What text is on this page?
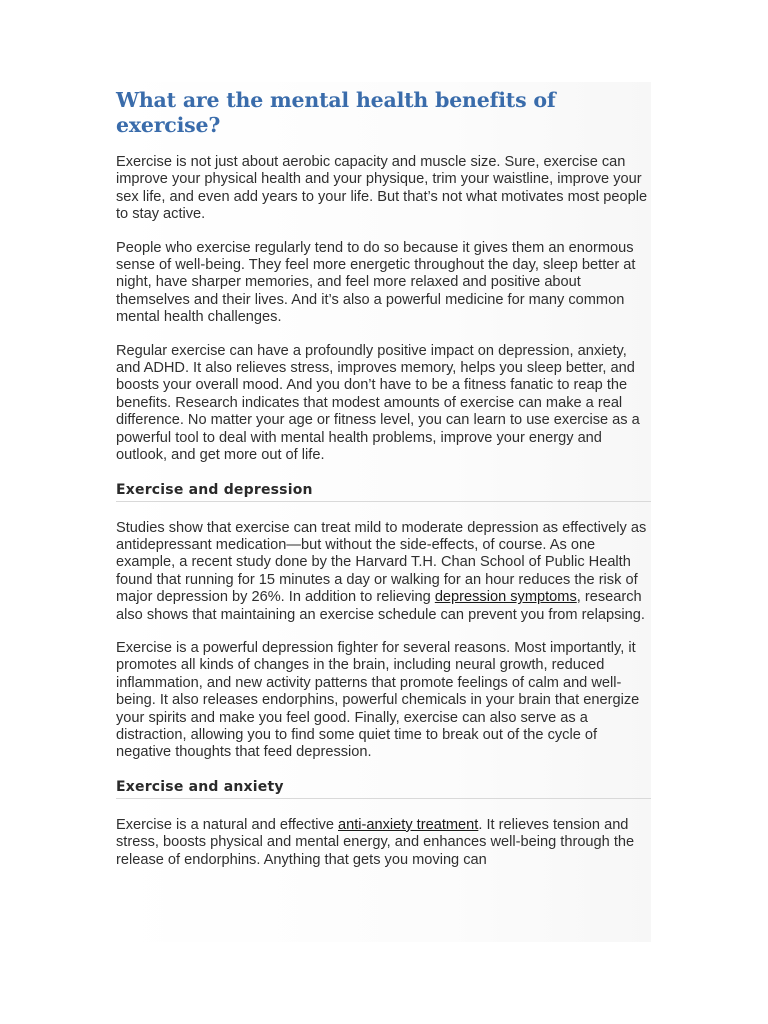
What are the mental health benefits of exercise?

Exercise is not just about aerobic capacity and muscle size. Sure, exercise can improve your physical health and your physique, trim your waistline, improve your sex life, and even add years to your life. But that’s not what motivates most people to stay active.

People who exercise regularly tend to do so because it gives them an enormous sense of well-being. They feel more energetic throughout the day, sleep better at night, have sharper memories, and feel more relaxed and positive about themselves and their lives. And it’s also a powerful medicine for many common mental health challenges.

Regular exercise can have a profoundly positive impact on depression, anxiety, and ADHD. It also relieves stress, improves memory, helps you sleep better, and boosts your overall mood. And you don’t have to be a fitness fanatic to reap the benefits. Research indicates that modest amounts of exercise can make a real difference. No matter your age or fitness level, you can learn to use exercise as a powerful tool to deal with mental health problems, improve your energy and outlook, and get more out of life.

Exercise and depression

Studies show that exercise can treat mild to moderate depression as effectively as antidepressant medication—but without the side-effects, of course. As one example, a recent study done by the Harvard T.H. Chan School of Public Health found that running for 15 minutes a day or walking for an hour reduces the risk of major depression by 26%. In addition to relieving depression symptoms, research also shows that maintaining an exercise schedule can prevent you from relapsing.

Exercise is a powerful depression fighter for several reasons. Most importantly, it promotes all kinds of changes in the brain, including neural growth, reduced inflammation, and new activity patterns that promote feelings of calm and well-being. It also releases endorphins, powerful chemicals in your brain that energize your spirits and make you feel good. Finally, exercise can also serve as a distraction, allowing you to find some quiet time to break out of the cycle of negative thoughts that feed depression.

Exercise and anxiety

Exercise is a natural and effective anti-anxiety treatment. It relieves tension and stress, boosts physical and mental energy, and enhances well-being through the release of endorphins. Anything that gets you moving can
